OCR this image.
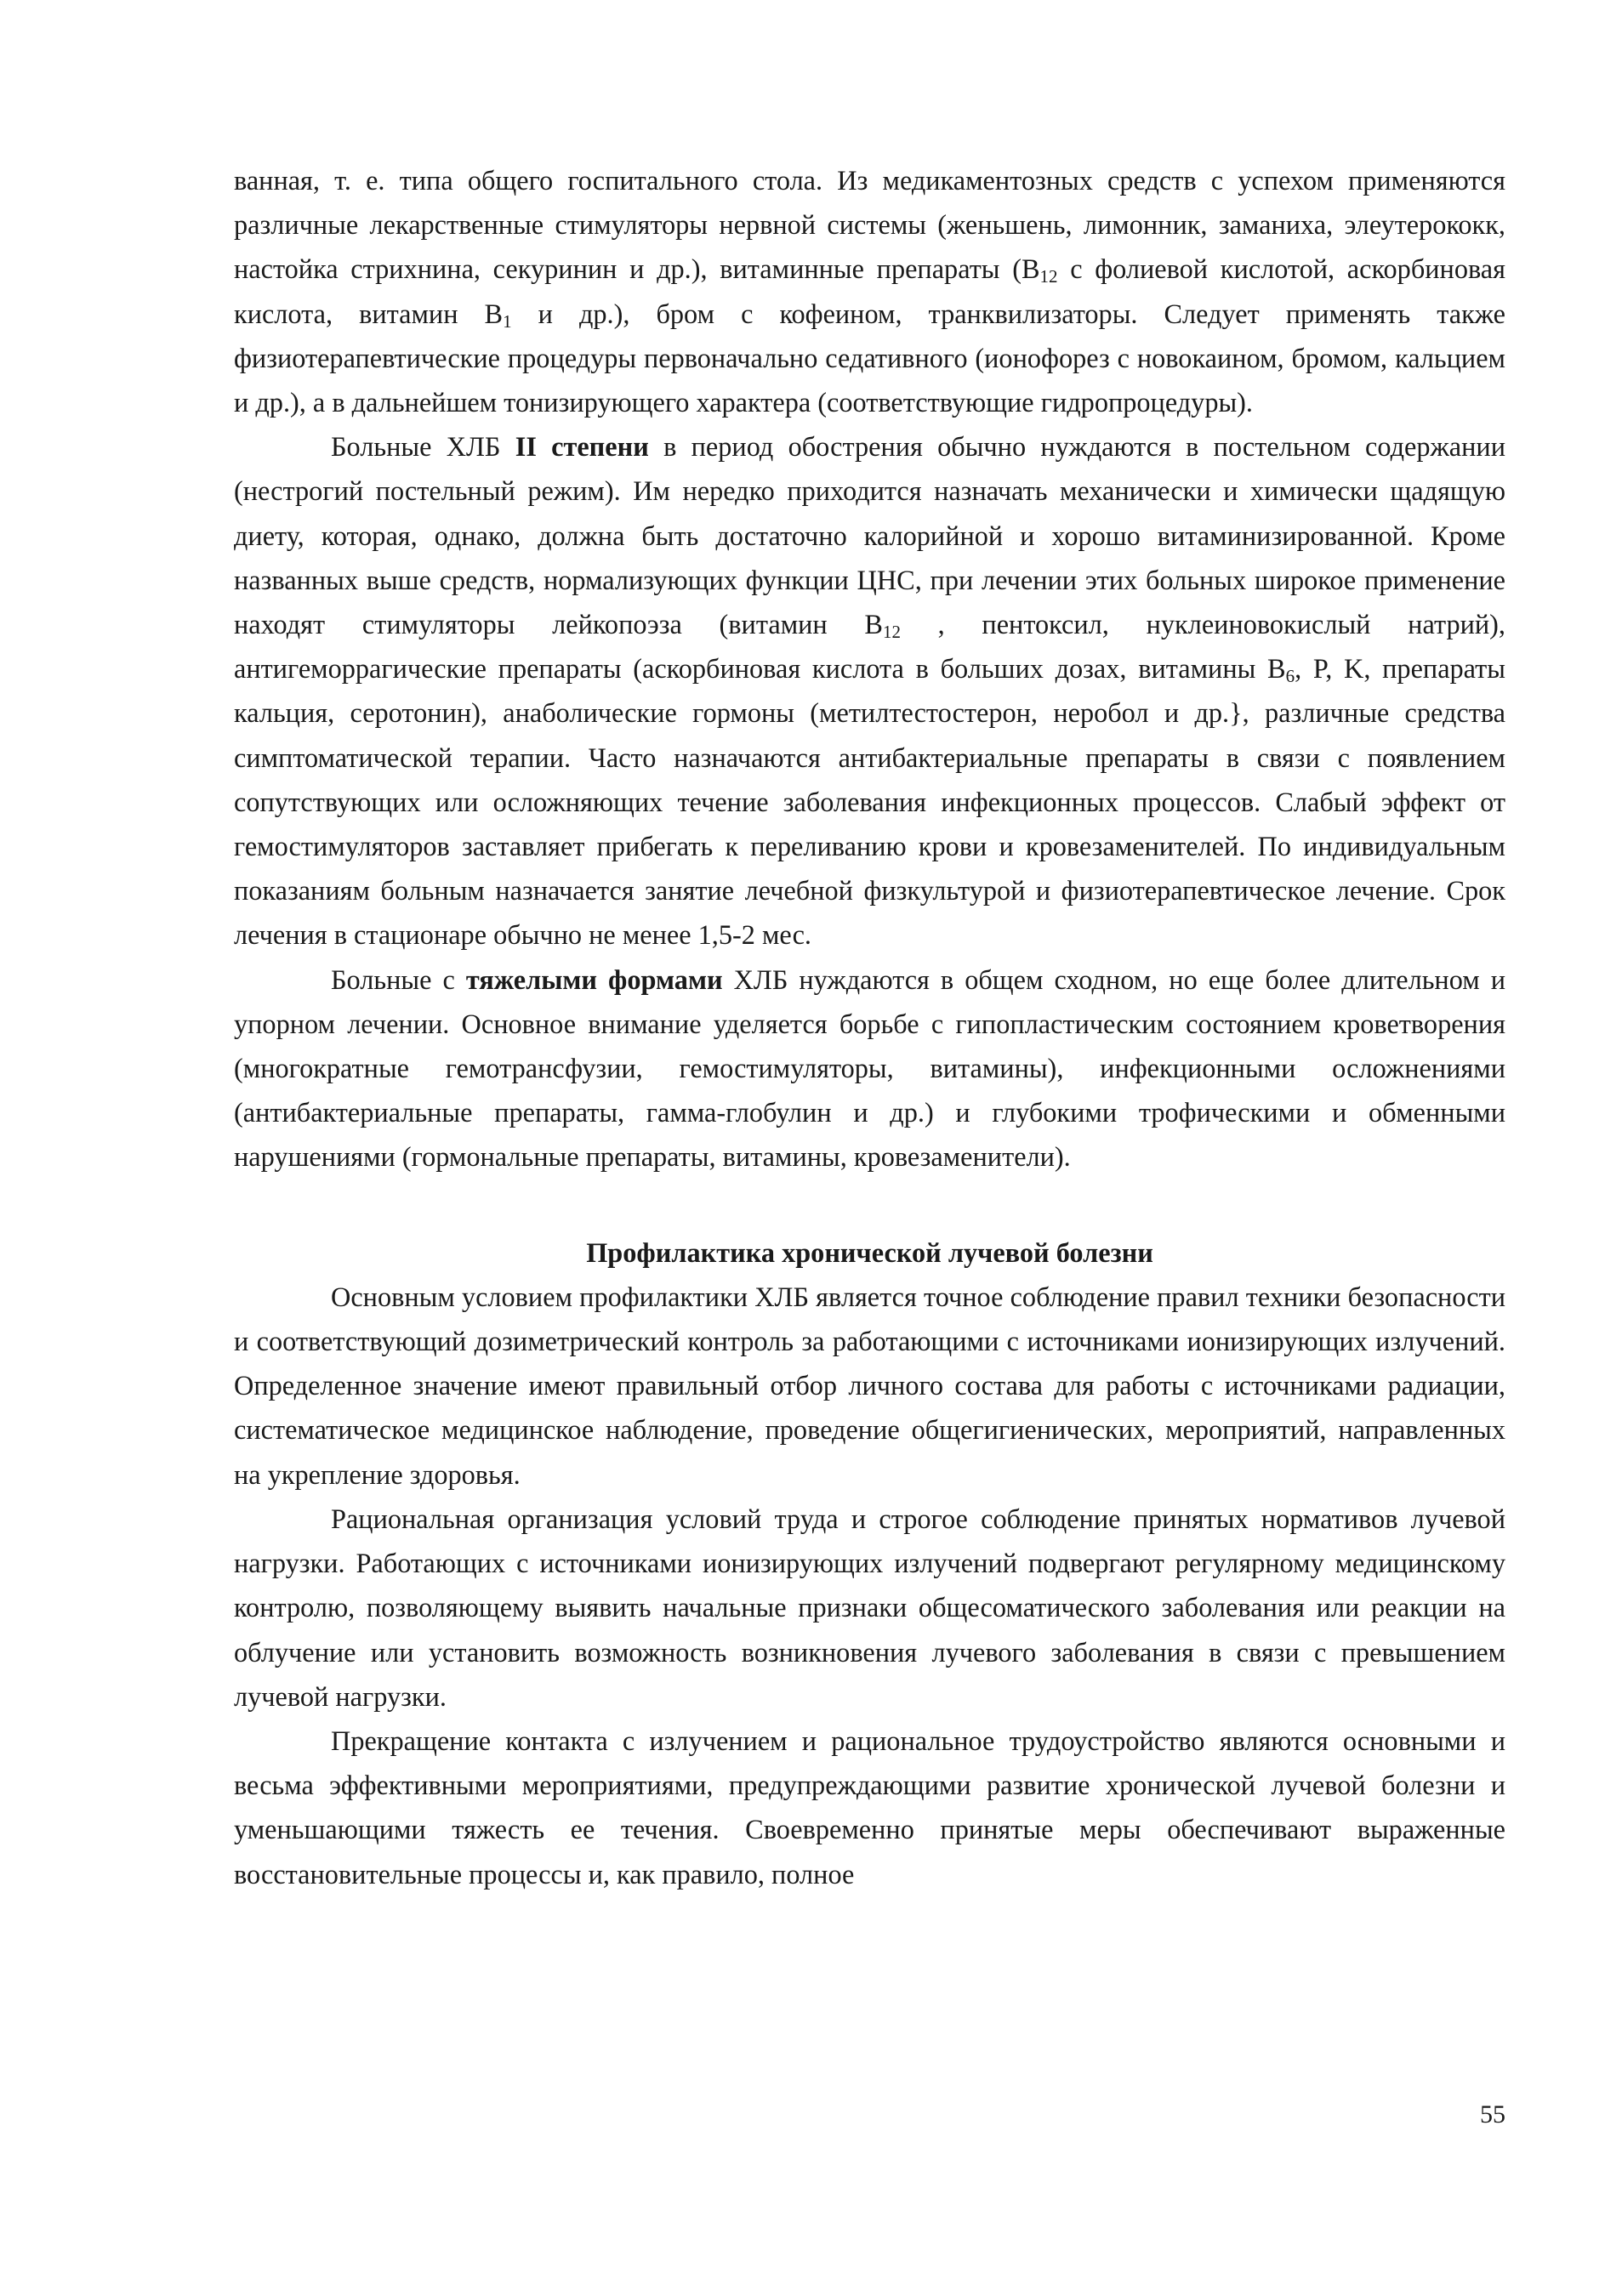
ванная, т. е. типа общего госпитального стола. Из медикаментозных средств с успехом применяются различные лекарственные стимуляторы нервной системы (женьшень, лимонник, заманиха, элеутерококк, настойка стрихнина, секуринин и др.), витаминные препараты ($B_{12}$ с фолиевой кислотой, аскорбиновая кислота, витамин $B_1$ и др.), бром с кофеином, транквилизаторы. Следует применять также физиотерапевтические процедуры первоначально седативного (ионофорез с новокаином, бромом, кальцием и др.), а в дальнейшем тонизирующего характера (соответствующие гидропроцедуры).

Больные ХЛБ II степени в период обострения обычно нуждаются в постельном содержании (нестрогий постельный режим). Им нередко приходится назначать механически и химически щадящую диету, которая, однако, должна быть достаточно калорийной и хорошо витаминизированной. Кроме названных выше средств, нормализующих функции ЦНС, при лечении этих больных широкое применение находят стимуляторы лейкопоэза (витамин $B_{12}$ , пентоксил, нуклеиновокислый натрий), антигеморрагические препараты (аскорбиновая кислота в больших дозах, витамины $B_6$, P, K, препараты кальция, серотонин), анаболические гормоны (метилтестостерон, неробол и др.}, различные средства симптоматической терапии. Часто назначаются антибактериальные препараты в связи с появлением сопутствующих или осложняющих течение заболевания инфекционных процессов. Слабый эффект от гемостимуляторов заставляет прибегать к переливанию крови и кровезаменителей. По индивидуальным показаниям больным назначается занятие лечебной физкультурой и физиотерапевтическое лечение. Срок лечения в стационаре обычно не менее 1,5-2 мес.

Больные с тяжелыми формами ХЛБ нуждаются в общем сходном, но еще более длительном и упорном лечении. Основное внимание уделяется борьбе с гипопластическим состоянием кроветворения (многократные гемотрансфузии, гемостимуляторы, витамины), инфекционными осложнениями (антибактериальные препараты, гамма-глобулин и др.) и глубокими трофическими и обменными нарушениями (гормональные препараты, витамины, кровезаменители).

Профилактика хронической лучевой болезни

Основным условием профилактики ХЛБ является точное соблюдение правил техники безопасности и соответствующий дозиметрический контроль за работающими с источниками ионизирующих излучений. Определенное значение имеют правильный отбор личного состава для работы с источниками радиации, систематическое медицинское наблюдение, проведение общегигиенических, мероприятий, направленных на укрепление здоровья.

Рациональная организация условий труда и строгое соблюдение принятых нормативов лучевой нагрузки. Работающих с источниками ионизирующих излучений подвергают регулярному медицинскому контролю, позволяющему выявить начальные признаки общесоматического заболевания или реакции на облучение или установить возможность возникновения лучевого заболевания в связи с превышением лучевой нагрузки.

Прекращение контакта с излучением и рациональное трудоустройство являются основными и весьма эффективными мероприятиями, предупреждающими развитие хронической лучевой болезни и уменьшающими тяжесть ее течения. Своевременно принятые меры обеспечивают выраженные восстановительные процессы и, как правило, полное

55
